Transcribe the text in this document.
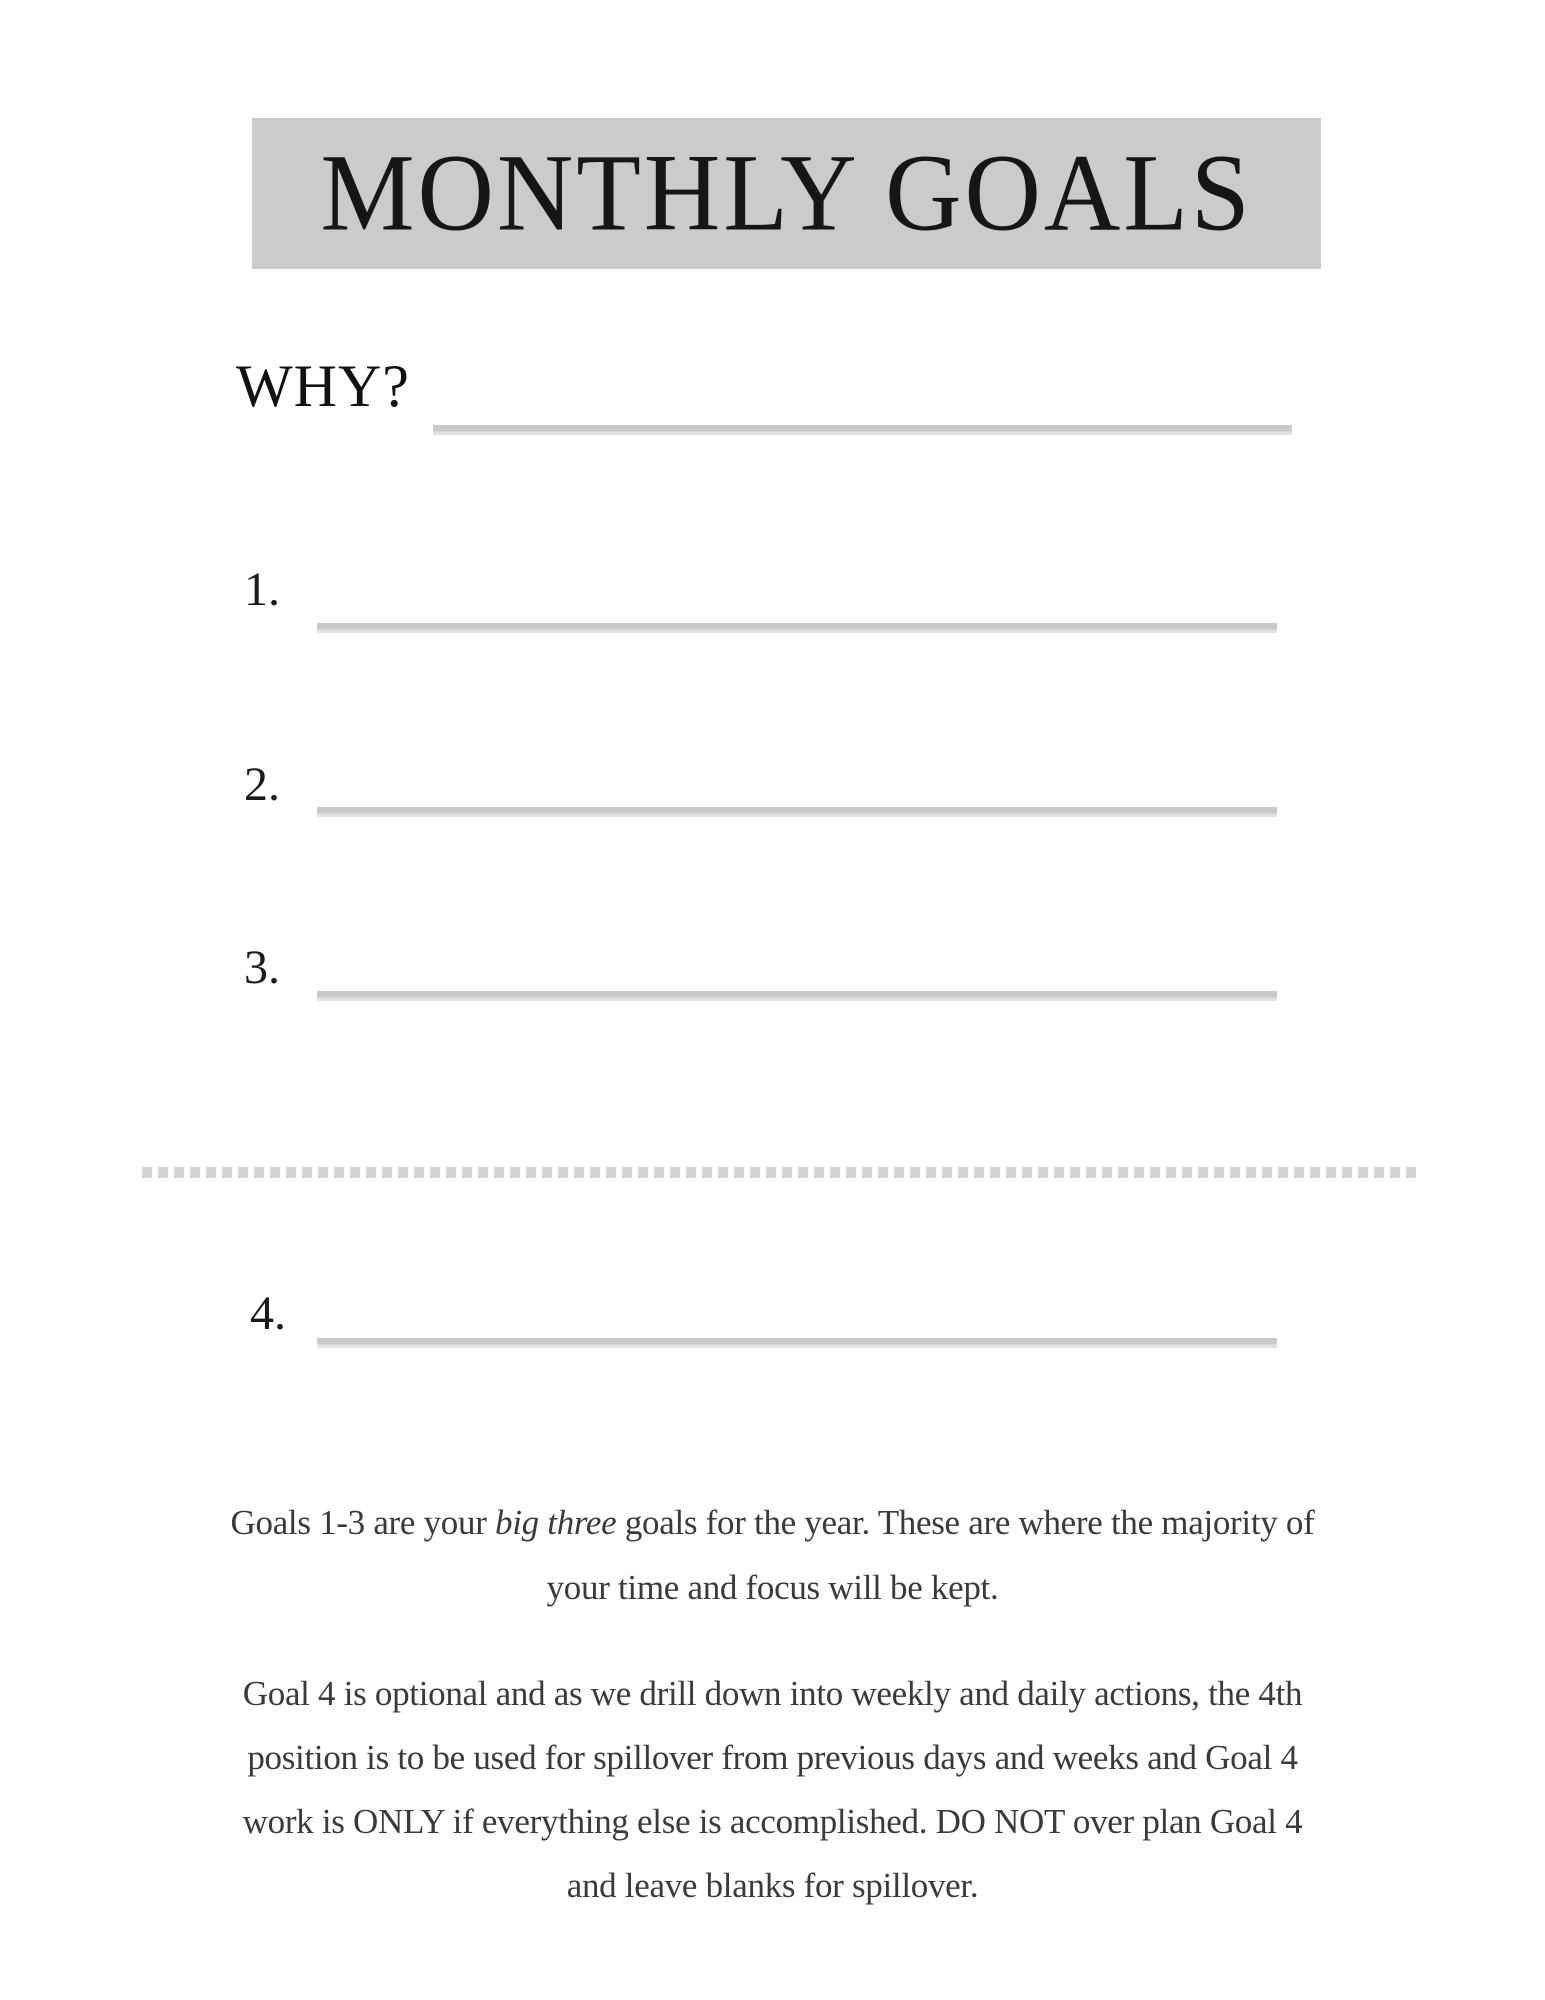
MONTHLY GOALS
WHY?
1.
2.
3.
4.
Goals 1-3 are your big three goals for the year. These are where the majority of
your time and focus will be kept.
Goal 4 is optional and as we drill down into weekly and daily actions, the 4th
position is to be used for spillover from previous days and weeks and Goal 4
work is ONLY if everything else is accomplished. DO NOT over plan Goal 4
and leave blanks for spillover.
